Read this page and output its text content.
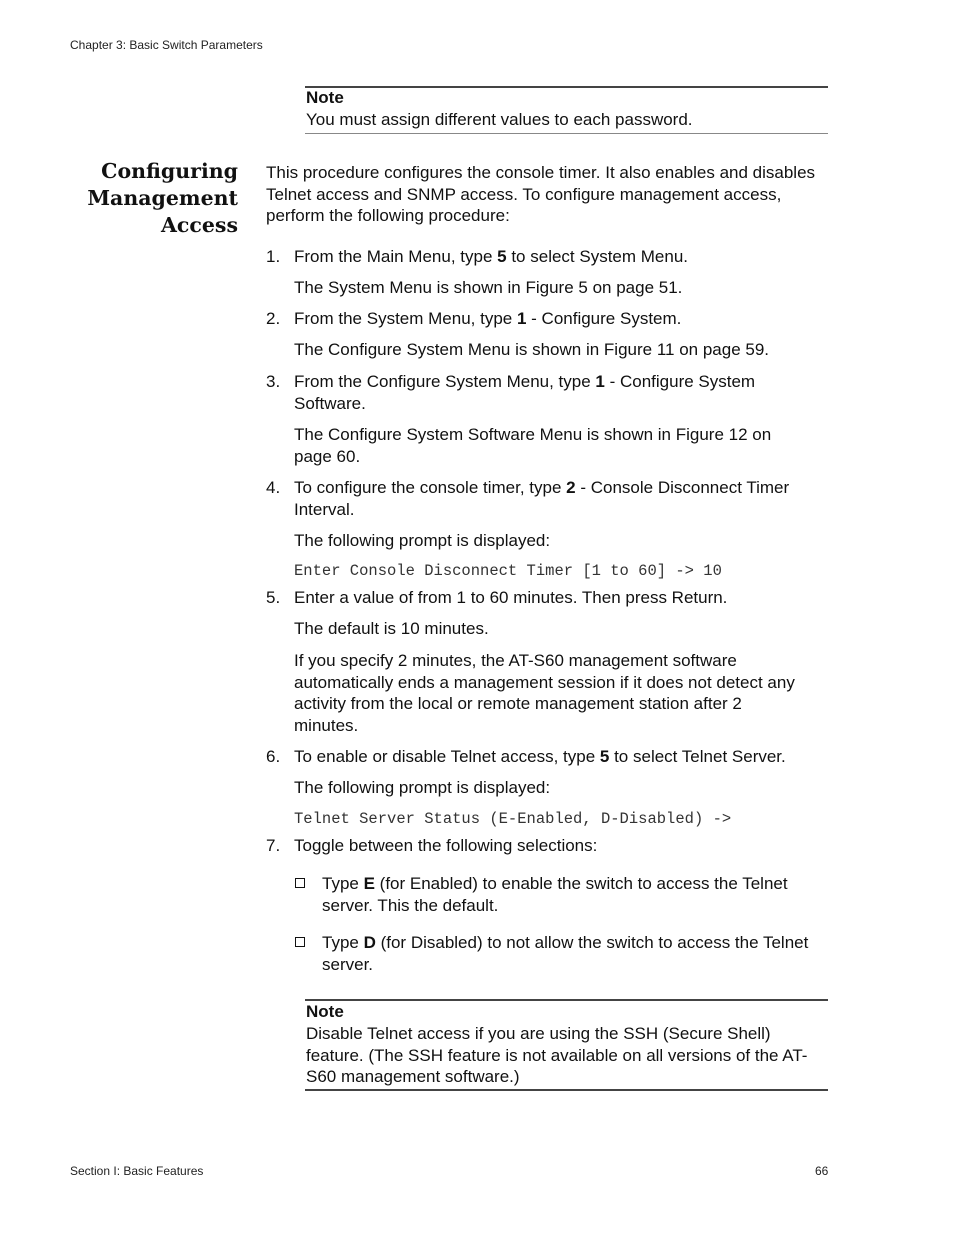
Chapter 3: Basic Switch Parameters
Note
You must assign different values to each password.
Configuring
Management
Access
This procedure configures the console timer. It also enables and disables Telnet access and SNMP access. To configure management access, perform the following procedure:
1. From the Main Menu, type 5 to select System Menu.
The System Menu is shown in Figure 5 on page 51.
2. From the System Menu, type 1 - Configure System.
The Configure System Menu is shown in Figure 11 on page 59.
3. From the Configure System Menu, type 1 - Configure System Software.
The Configure System Software Menu is shown in Figure 12 on page 60.
4. To configure the console timer, type 2 - Console Disconnect Timer Interval.
The following prompt is displayed:
Enter Console Disconnect Timer [1 to 60] -> 10
5. Enter a value of from 1 to 60 minutes. Then press Return.
The default is 10 minutes.
If you specify 2 minutes, the AT-S60 management software automatically ends a management session if it does not detect any activity from the local or remote management station after 2 minutes.
6. To enable or disable Telnet access, type 5 to select Telnet Server.
The following prompt is displayed:
Telnet Server Status (E-Enabled, D-Disabled) ->
7. Toggle between the following selections:
Type E (for Enabled) to enable the switch to access the Telnet server. This the default.
Type D (for Disabled) to not allow the switch to access the Telnet server.
Note
Disable Telnet access if you are using the SSH (Secure Shell) feature. (The SSH feature is not available on all versions of the AT-S60 management software.)
Section I: Basic Features	66
